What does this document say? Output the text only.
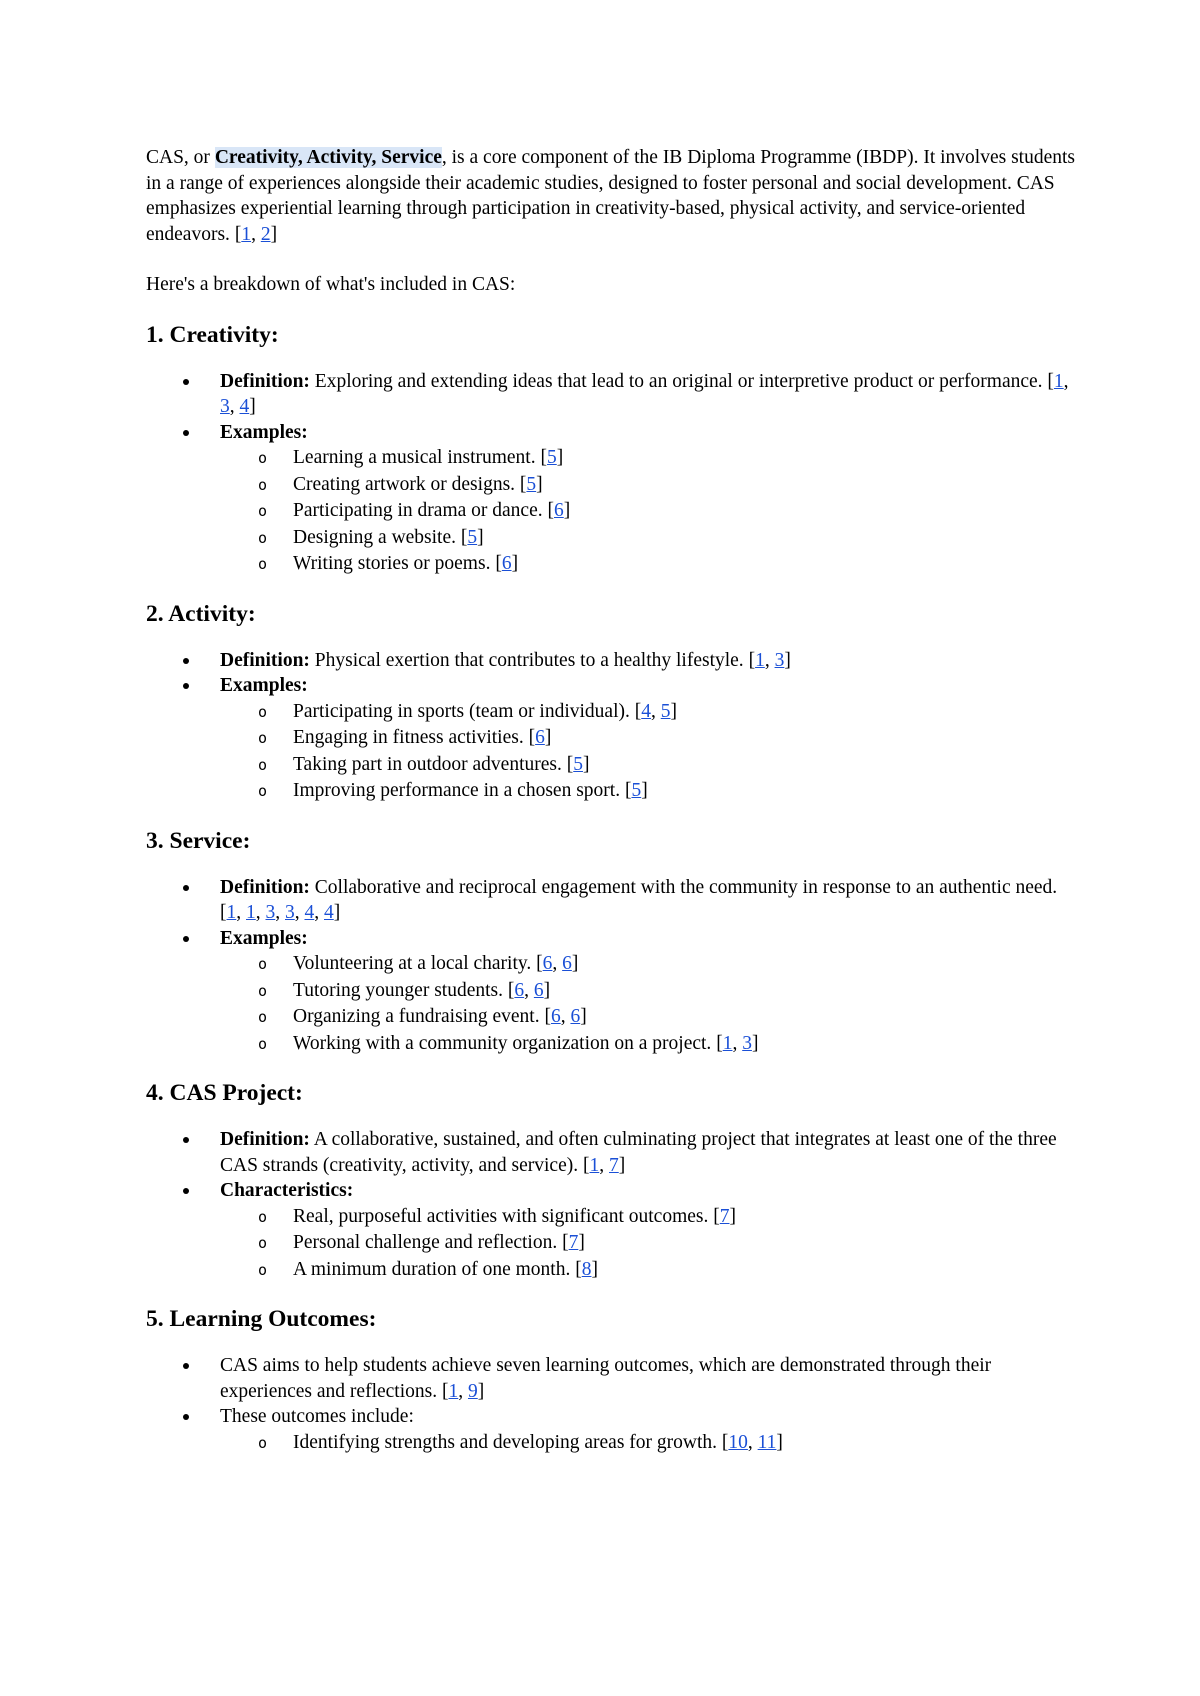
CAS, or Creativity, Activity, Service, is a core component of the IB Diploma Programme (IBDP). It involves students in a range of experiences alongside their academic studies, designed to foster personal and social development. CAS emphasizes experiential learning through participation in creativity-based, physical activity, and service-oriented endeavors. [1, 2]

Here's a breakdown of what's included in CAS:

1. Creativity:
Definition: Exploring and extending ideas that lead to an original or interpretive product or performance. [1, 3, 4]
Examples:
o Learning a musical instrument. [5]
o Creating artwork or designs. [5]
o Participating in drama or dance. [6]
o Designing a website. [5]
o Writing stories or poems. [6]
2. Activity:
Definition: Physical exertion that contributes to a healthy lifestyle. [1, 3]
Examples:
o Participating in sports (team or individual). [4, 5]
o Engaging in fitness activities. [6]
o Taking part in outdoor adventures. [5]
o Improving performance in a chosen sport. [5]
3. Service:
Definition: Collaborative and reciprocal engagement with the community in response to an authentic need. [1, 1, 3, 3, 4, 4]
Examples:
o Volunteering at a local charity. [6, 6]
o Tutoring younger students. [6, 6]
o Organizing a fundraising event. [6, 6]
o Working with a community organization on a project. [1, 3]
4. CAS Project:
Definition: A collaborative, sustained, and often culminating project that integrates at least one of the three CAS strands (creativity, activity, and service). [1, 7]
Characteristics:
o Real, purposeful activities with significant outcomes. [7]
o Personal challenge and reflection. [7]
o A minimum duration of one month. [8]
5. Learning Outcomes:
CAS aims to help students achieve seven learning outcomes, which are demonstrated through their experiences and reflections. [1, 9]
These outcomes include:
o Identifying strengths and developing areas for growth. [10, 11]
